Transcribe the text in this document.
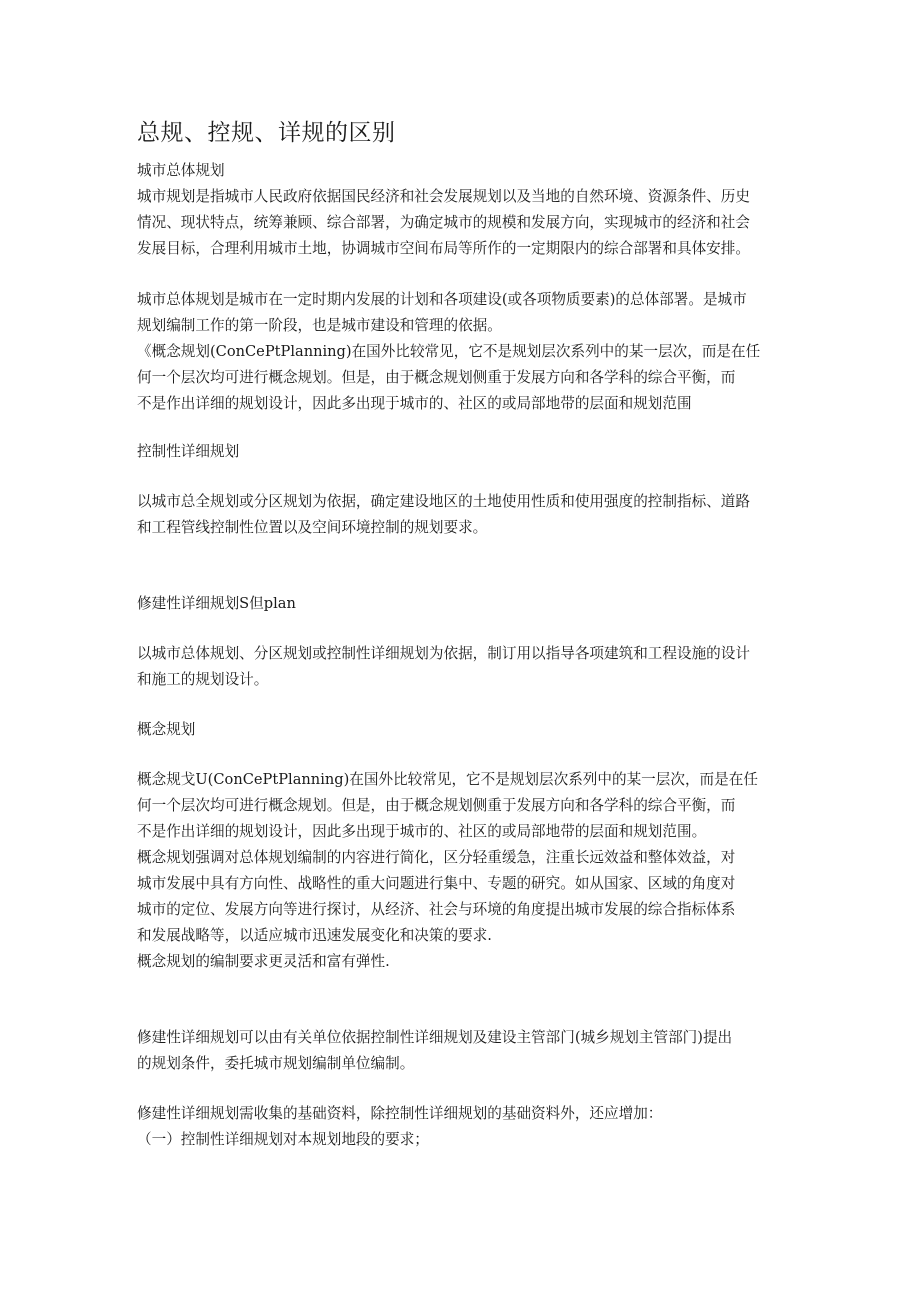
总规、控规、详规的区别
城市总体规划
城市规划是指城市人民政府依据国民经济和社会发展规划以及当地的自然环境、资源条件、历史
情况、现状特点，统筹兼顾、综合部署，为确定城市的规模和发展方向，实现城市的经济和社会
发展目标，合理利用城市土地，协调城市空间布局等所作的一定期限内的综合部署和具体安排。
城市总体规划是城市在一定时期内发展的计划和各项建设(或各项物质要素)的总体部署。是城市
规划编制工作的第一阶段，也是城市建设和管理的依据。
《概念规划(ConCePtPlanning)在国外比较常见，它不是规划层次系列中的某一层次，而是在任
何一个层次均可进行概念规划。但是，由于概念规划侧重于发展方向和各学科的综合平衡，而
不是作出详细的规划设计，因此多出现于城市的、社区的或局部地带的层面和规划范围
控制性详细规划
以城市总全规划或分区规划为依据，确定建设地区的土地使用性质和使用强度的控制指标、道路
和工程管线控制性位置以及空间环境控制的规划要求。
修建性详细规划S但plan
以城市总体规划、分区规划或控制性详细规划为依据，制订用以指导各项建筑和工程设施的设计
和施工的规划设计。
概念规划
概念规戈U(ConCePtPlanning)在国外比较常见，它不是规划层次系列中的某一层次，而是在任
何一个层次均可进行概念规划。但是，由于概念规划侧重于发展方向和各学科的综合平衡，而
不是作出详细的规划设计，因此多出现于城市的、社区的或局部地带的层面和规划范围。
概念规划强调对总体规划编制的内容进行简化，区分轻重缓急，注重长远效益和整体效益，对
城市发展中具有方向性、战略性的重大问题进行集中、专题的研究。如从国家、区域的角度对
城市的定位、发展方向等进行探讨，从经济、社会与环境的角度提出城市发展的综合指标体系
和发展战略等，以适应城市迅速发展变化和决策的要求.
概念规划的编制要求更灵活和富有弹性.
修建性详细规划可以由有关单位依据控制性详细规划及建设主管部门(城乡规划主管部门)提出
的规划条件，委托城市规划编制单位编制。
修建性详细规划需收集的基础资料，除控制性详细规划的基础资料外，还应增加：
（一）控制性详细规划对本规划地段的要求；
